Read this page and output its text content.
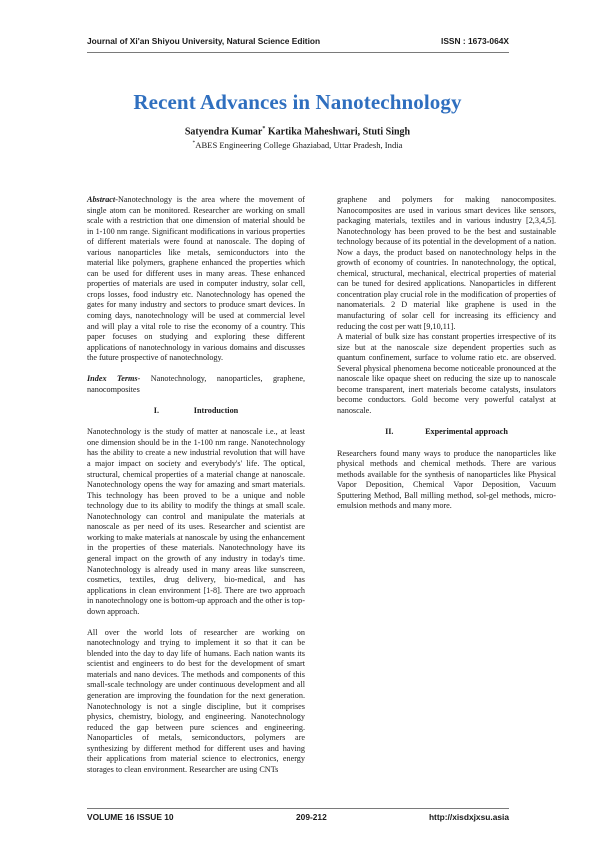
Journal of Xi'an Shiyou University, Natural Science Edition	ISSN : 1673-064X
Recent Advances in Nanotechnology
Satyendra Kumar* Kartika Maheshwari, Stuti Singh
*ABES Engineering College Ghaziabad, Uttar Pradesh, India

Abstract-Nanotechnology is the area where the movement of single atom can be monitored. Researcher are working on small scale with a restriction that one dimension of material should be in 1-100 nm range. Significant modifications in various properties of different materials were found at nanoscale. The doping of various nanoparticles like metals, semiconductors into the material like polymers, graphene enhanced the properties which can be used for different uses in many areas. These enhanced properties of materials are used in computer industry, solar cell, crops losses, food industry etc. Nanotechnology has opened the gates for many industry and sectors to produce smart devices. In coming days, nanotechnology will be used at commercial level and will play a vital role to rise the economy of a country. This paper focuses on studying and exploring these different applications of nanotechnology in various domains and discusses the future prospective of nanotechnology.

Index Terms- Nanotechnology, nanoparticles, graphene, nanocomposites

I.	Introduction

Nanotechnology is the study of matter at nanoscale i.e., at least one dimension should be in the 1-100 nm range. Nanotechnology has the ability to create a new industrial revolution that will have a major impact on society and everybody's' life. The optical, structural, chemical properties of a material change at nanoscale. Nanotechnology opens the way for amazing and smart materials. This technology has been proved to be a unique and noble technology due to its ability to modify the things at small scale. Nanotechnology can control and manipulate the materials at nanoscale as per need of its uses. Researcher and scientist are working to make materials at nanoscale by using the enhancement in the properties of these materials. Nanotechnology have its general impact on the growth of any industry in today's time. Nanotechnology is already used in many areas like sunscreen, cosmetics, textiles, drug delivery, bio-medical, and has applications in clean environment [1-8]. There are two approach in nanotechnology one is bottom-up approach and the other is top-down approach.

All over the world lots of researcher are working on nanotechnology and trying to implement it so that it can be blended into the day to day life of humans. Each nation wants its scientist and engineers to do best for the development of smart materials and nano devices. The methods and components of this small-scale technology are under continuous development and all generation are improving the foundation for the next generation. Nanotechnology is not a single discipline, but it comprises physics, chemistry, biology, and engineering. Nanotechnology reduced the gap between pure sciences and engineering. Nanoparticles of metals, semiconductors, polymers are synthesizing by different method for different uses and having their applications from material science to electronics, energy storages to clean environment. Researcher are using CNTs

graphene and polymers for making nanocomposites. Nanocomposites are used in various smart devices like sensors, packaging materials, textiles and in various industry [2,3,4,5]. Nanotechnology has been proved to be the best and sustainable technology because of its potential in the development of a nation. Now a days, the product based on nanotechnology helps in the growth of economy of countries. In nanotechnology, the optical, chemical, structural, mechanical, electrical properties of material can be tuned for desired applications. Nanoparticles in different concentration play crucial role in the modification of properties of nanomaterials. 2 D material like graphene is used in the manufacturing of solar cell for increasing its efficiency and reducing the cost per watt [9,10,11].

A material of bulk size has constant properties irrespective of its size but at the nanoscale size dependent properties such as quantum confinement, surface to volume ratio etc. are observed. Several physical phenomena become noticeable pronounced at the nanoscale like opaque sheet on reducing the size up to nanoscale become transparent, inert materials become catalysts, insulators become conductors. Gold become very powerful catalyst at nanoscale.

II.	Experimental approach

Researchers found many ways to produce the nanoparticles like physical methods and chemical methods. There are various methods available for the synthesis of nanoparticles like Physical Vapor Deposition, Chemical Vapor Deposition, Vacuum Sputtering Method, Ball milling method, sol-gel methods, micro-emulsion methods and many more.

VOLUME 16 ISSUE 10	209-212	http://xisdxjxsu.asia
